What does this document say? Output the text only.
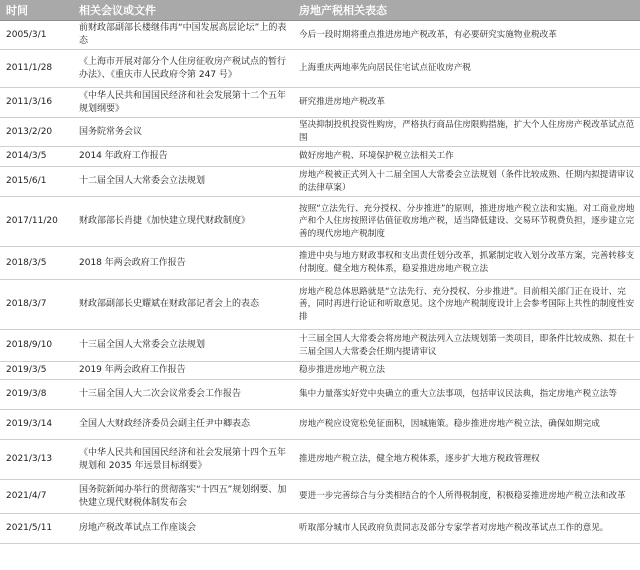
时间	相关会议或文件	房地产税相关表态
2005/3/1	前财政部副部长楼继伟再“中国发展高层论坛”上的表态	今后一段时期将重点推进房地产税改革，有必要研究实施物业税改革
2011/1/28	《上海市开展对部分个人住房征收房产税试点的暂行办法》、《重庆市人民政府令第 247 号》	上海重庆两地率先向居民住宅试点征收房产税
2011/3/16	《中华人民共和国国民经济和社会发展第十二个五年规划纲要》	研究推进房地产税改革
2013/2/20	国务院常务会议	坚决抑制投机投资性购房，严格执行商品住房限购措施，扩大个人住房房产税改革试点范围
2014/3/5	2014 年政府工作报告	做好房地产税、环境保护税立法相关工作
2015/6/1	十二届全国人大常委会立法规划	房地产税被正式列入十二届全国人大常委会立法规划（条件比较成熟、任期内拟提请审议的法律草案）
2017/11/20	财政部部长肖捷《加快建立现代财政制度》	按照“立法先行、充分授权、分步推进”的原则，推进房地产税立法和实施。对工商业房地产和个人住房按照评估值征收房地产税，适当降低建设、交易环节税费负担，逐步建立完善的现代房地产税制度
2018/3/5	2018 年两会政府工作报告	推进中央与地方财政事权和支出责任划分改革，抓紧制定收入划分改革方案，完善转移支付制度。健全地方税体系，稳妥推进房地产税立法
2018/3/7	财政部副部长史耀斌在财政部记者会上的表态	房地产税总体思路就是“立法先行、充分授权、分步推进”。目前相关部门正在设计、完善，同时再进行论证和听取意见。这个房地产税制度设计上会参考国际上共性的制度性安排
2018/9/10	十三届全国人大常委会立法规划	十三届全国人大常委会将房地产税法列入立法规划第一类项目，即条件比较成熟、拟在十三届全国人大常委会任期内提请审议
2019/3/5	2019 年两会政府工作报告	稳步推进房地产税立法
2019/3/8	十三届全国人大二次会议常委会工作报告	集中力量落实好党中央确立的重大立法事项，包括审议民法典，指定房地产税立法等
2019/3/14	全国人大财政经济委员会副主任尹中卿表态	房地产税应设宽松免征面积，因城施策。稳步推进房地产税立法，确保如期完成
2021/3/13	《中华人民共和国国民经济和社会发展第十四个五年规划和 2035 年远景目标纲要》	推进房地产税立法，健全地方税体系，逐步扩大地方税政管理权
2021/4/7	国务院新闻办举行的贯彻落实“十四五”规划纲要、加快建立现代财税体制发布会	要进一步完善综合与分类相结合的个人所得税制度，积极稳妥推进房地产税立法和改革
2021/5/11	房地产税改革试点工作座谈会	听取部分城市人民政府负责同志及部分专家学者对房地产税改革试点工作的意见。
